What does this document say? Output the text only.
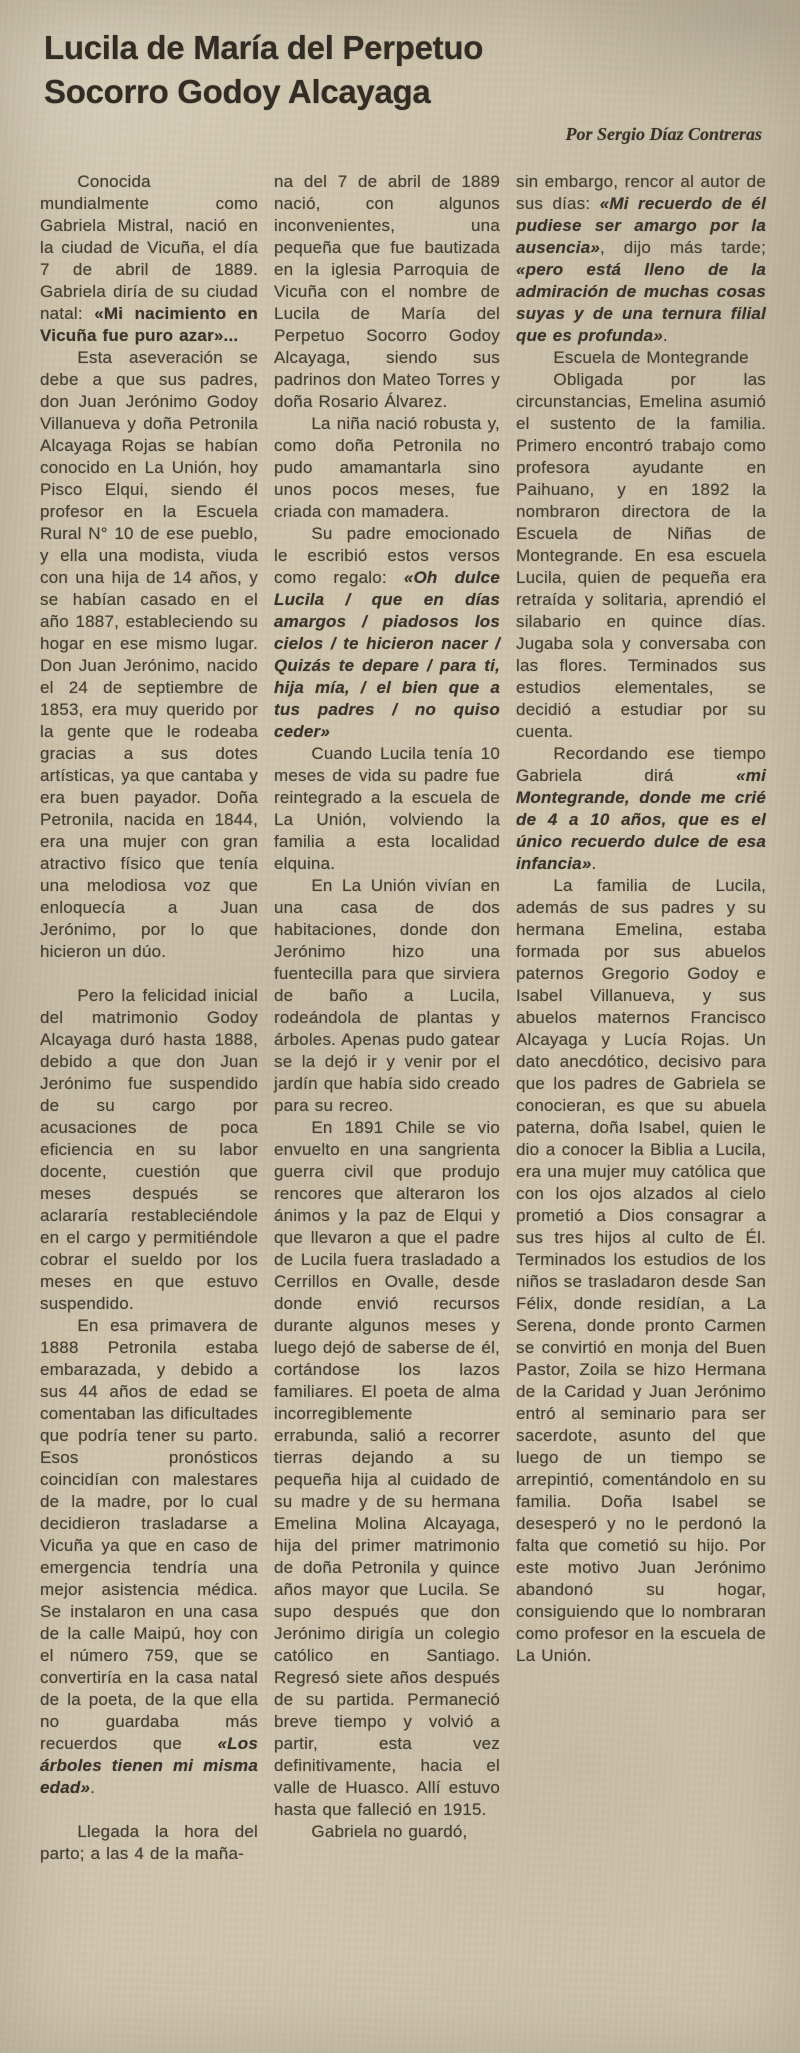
Lucila de María del Perpetuo
Socorro Godoy Alcayaga
Por Sergio Díaz Contreras

Conocida mundialmente como Gabriela Mistral, nació en la ciudad de Vicuña, el día 7 de abril de 1889. Gabriela diría de su ciudad natal: «Mi nacimiento en Vicuña fue puro azar»...

Esta aseveración se debe a que sus padres, don Juan Jerónimo Godoy Villanueva y doña Petronila Alcayaga Rojas se habían conocido en La Unión, hoy Pisco Elqui, siendo él profesor en la Escuela Rural N° 10 de ese pueblo, y ella una modista, viuda con una hija de 14 años, y se habían casado en el año 1887, estableciendo su hogar en ese mismo lugar. Don Juan Jerónimo, nacido el 24 de septiembre de 1853, era muy querido por la gente que le rodeaba gracias a sus dotes artísticas, ya que cantaba y era buen payador. Doña Petronila, nacida en 1844, era una mujer con gran atractivo físico que tenía una melodiosa voz que enloquecía a Juan Jerónimo, por lo que hicieron un dúo.

Pero la felicidad inicial del matrimonio Godoy Alcayaga duró hasta 1888, debido a que don Juan Jerónimo fue suspendido de su cargo por acusaciones de poca eficiencia en su labor docente, cuestión que meses después se aclararía restableciéndole en el cargo y permitiéndole cobrar el sueldo por los meses en que estuvo suspendido.

En esa primavera de 1888 Petronila estaba embarazada, y debido a sus 44 años de edad se comentaban las dificultades que podría tener su parto. Esos pronósticos coincidían con malestares de la madre, por lo cual decidieron trasladarse a Vicuña ya que en caso de emergencia tendría una mejor asistencia médica. Se instalaron en una casa de la calle Maipú, hoy con el número 759, que se convertiría en la casa natal de la poeta, de la que ella no guardaba más recuerdos que «Los árboles tienen mi misma edad».

Llegada la hora del parto; a las 4 de la maña-

na del 7 de abril de 1889 nació, con algunos inconvenientes, una pequeña que fue bautizada en la iglesia Parroquia de Vicuña con el nombre de Lucila de María del Perpetuo Socorro Godoy Alcayaga, siendo sus padrinos don Mateo Torres y doña Rosario Álvarez.

La niña nació robusta y, como doña Petronila no pudo amamantarla sino unos pocos meses, fue criada con mamadera.

Su padre emocionado le escribió estos versos como regalo: «Oh dulce Lucila / que en días amargos / piadosos los cielos / te hicieron nacer / Quizás te depare / para ti, hija mía, / el bien que a tus padres / no quiso ceder»

Cuando Lucila tenía 10 meses de vida su padre fue reintegrado a la escuela de La Unión, volviendo la familia a esta localidad elquina.

En La Unión vivían en una casa de dos habitaciones, donde don Jerónimo hizo una fuentecilla para que sirviera de baño a Lucila, rodeándola de plantas y árboles. Apenas pudo gatear se la dejó ir y venir por el jardín que había sido creado para su recreo.

En 1891 Chile se vio envuelto en una sangrienta guerra civil que produjo rencores que alteraron los ánimos y la paz de Elqui y que llevaron a que el padre de Lucila fuera trasladado a Cerrillos en Ovalle, desde donde envió recursos durante algunos meses y luego dejó de saberse de él, cortándose los lazos familiares. El poeta de alma incorregiblemente errabunda, salió a recorrer tierras dejando a su pequeña hija al cuidado de su madre y de su hermana Emelina Molina Alcayaga, hija del primer matrimonio de doña Petronila y quince años mayor que Lucila. Se supo después que don Jerónimo dirigía un colegio católico en Santiago. Regresó siete años después de su partida. Permaneció breve tiempo y volvió a partir, esta vez definitivamente, hacia el valle de Huasco. Allí estuvo hasta que falleció en 1915.

Gabriela no guardó,

sin embargo, rencor al autor de sus días: «Mi recuerdo de él pudiese ser amargo por la ausencia», dijo más tarde; «pero está lleno de la admiración de muchas cosas suyas y de una ternura filial que es profunda».

Escuela de Montegrande

Obligada por las circunstancias, Emelina asumió el sustento de la familia. Primero encontró trabajo como profesora ayudante en Paihuano, y en 1892 la nombraron directora de la Escuela de Niñas de Montegrande. En esa escuela Lucila, quien de pequeña era retraída y solitaria, aprendió el silabario en quince días. Jugaba sola y conversaba con las flores. Terminados sus estudios elementales, se decidió a estudiar por su cuenta.

Recordando ese tiempo Gabriela dirá «mi Montegrande, donde me crié de 4 a 10 años, que es el único recuerdo dulce de esa infancia».

La familia de Lucila, además de sus padres y su hermana Emelina, estaba formada por sus abuelos paternos Gregorio Godoy e Isabel Villanueva, y sus abuelos maternos Francisco Alcayaga y Lucía Rojas. Un dato anecdótico, decisivo para que los padres de Gabriela se conocieran, es que su abuela paterna, doña Isabel, quien le dio a conocer la Biblia a Lucila, era una mujer muy católica que con los ojos alzados al cielo prometió a Dios consagrar a sus tres hijos al culto de Él. Terminados los estudios de los niños se trasladaron desde San Félix, donde residían, a La Serena, donde pronto Carmen se convirtió en monja del Buen Pastor, Zoila se hizo Hermana de la Caridad y Juan Jerónimo entró al seminario para ser sacerdote, asunto del que luego de un tiempo se arrepintió, comentándolo en su familia. Doña Isabel se desesperó y no le perdonó la falta que cometió su hijo. Por este motivo Juan Jerónimo abandonó su hogar, consiguiendo que lo nombraran como profesor en la escuela de La Unión.
